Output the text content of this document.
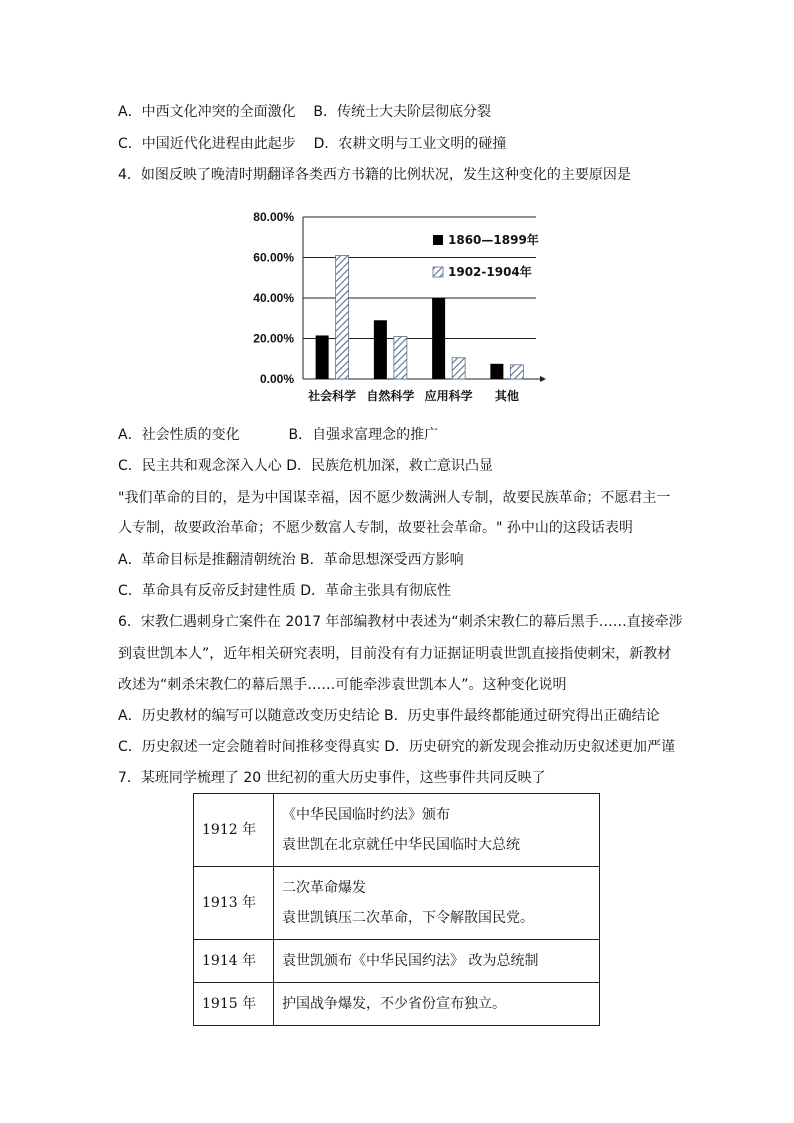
A．中西文化冲突的全面激化 B．传统士大夫阶层彻底分裂
C．中国近代化进程由此起步 D．农耕文明与工业文明的碰撞
4．如图反映了晚清时期翻译各类西方书籍的比例状况，发生这种变化的主要原因是
0.00%
20.00%
40.00%
60.00%
80.00%
社会科学 自然科学 应用科学 其他
1860—1899年
1902-1904年
A．社会性质的变化	B．自强求富理念的推广
C．民主共和观念深入人心 D．民族危机加深，救亡意识凸显
"我们革命的目的，是为中国谋幸福，因不愿少数满洲人专制，故要民族革命；不愿君主一
人专制，故要政治革命；不愿少数富人专制，故要社会革命。" 孙中山的这段话表明
A．革命目标是推翻清朝统治 B．革命思想深受西方影响
C．革命具有反帝反封建性质 D．革命主张具有彻底性
6．宋教仁遇刺身亡案件在 2017 年部编教材中表述为“刺杀宋教仁的幕后黑手……直接牵涉
到袁世凯本人”，近年相关研究表明，目前没有有力证据证明袁世凯直接指使刺宋，新教材
改述为“刺杀宋教仁的幕后黑手……可能牵涉袁世凯本人”。这种变化说明
A．历史教材的编写可以随意改变历史结论 B．历史事件最终都能通过研究得出正确结论
C．历史叙述一定会随着时间推移变得真实 D．历史研究的新发现会推动历史叙述更加严谨
7．某班同学梳理了 20 世纪初的重大历史事件，这些事件共同反映了
1912 年	《中华民国临时约法》颁布
袁世凯在北京就任中华民国临时大总统

1913 年	二次革命爆发
袁世凯镇压二次革命，下令解散国民党。

1914 年	袁世凯颁布《中华民国约法》 改为总统制

1915 年	护国战争爆发，不少省份宣布独立。
